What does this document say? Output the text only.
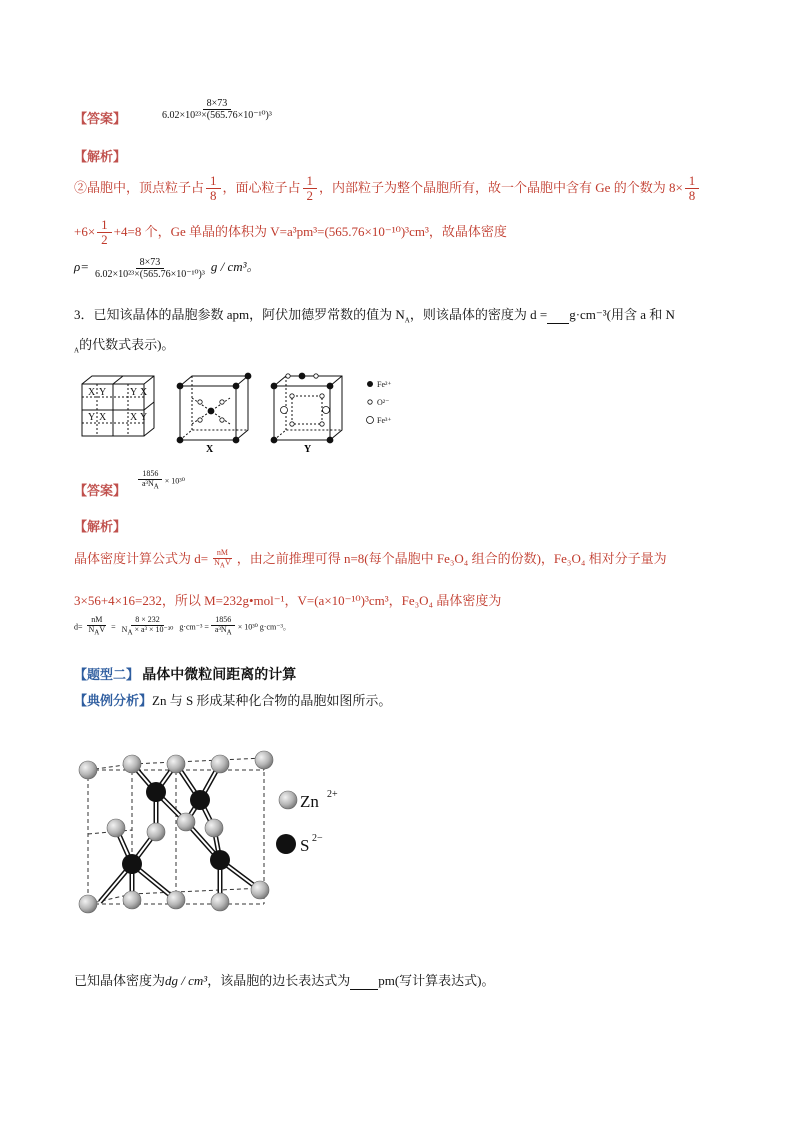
【答案】	$\frac{8\times 73}{\text{6.02×10²³×(565.76×10⁻¹⁰)³}}$
【解析】
②晶胞中，顶点粒子占 $\frac{1}{8}$ ，面心粒子占 $\frac{1}{2}$ ，内部粒子为整个晶胞所有，故一个晶胞中含有 Ge 的个数为 $8\times \frac{1}{8}$
$+6\times \frac{1}{2} +4=8$ 个，Ge 单晶的体积为 V=a³pm³=(565.76×10⁻¹⁰)³cm³，故晶体密度
$\rho= \frac{8\times 73}{\text{6.02×10²³×(565.76×10⁻¹⁰)³}}$ g / cm³。
3．已知该晶体的晶胞参数 apm，阿伏加德罗常数的值为 $N_A$，则该晶体的密度为 d = g·cm⁻³(用含 a 和 N
$_A$的代数式表示)。
X Y Y X
Y X X Y
X	Y
Fe²⁺
O²⁻
Fe³⁺
【答案】
$\frac{1856}{a^3N_A} \times 10^{30}$
【解析】
晶体密度计算公式为 $d= \frac{nM}{N_AV}$ ，由之前推理可得 n=8(每个晶胞中 Fe₃O₄ 组合的份数)，Fe₃O₄ 相对分子量为
3×56+4×16=232，所以 M=232g•mol⁻¹，V=(a×10⁻¹⁰)³cm³，Fe₃O₄ 晶体密度为
$d= \frac{nM}{N_AV} = \frac{8 \times 232}{N_A \times a^3 \times 10^{-30}} g\cdot cm^{-3} = \frac{1856}{a^3N_A} \times 10^{30}$ g·cm⁻³。
【题型二】 晶体中微粒间距离的计算
【典例分析】Zn 与 S 形成某种化合物的晶胞如图所示。
Zn 2+
S 2−
已知晶体密度为dg / cm³，该晶胞的边长表达式为 pm(写计算表达式)。
